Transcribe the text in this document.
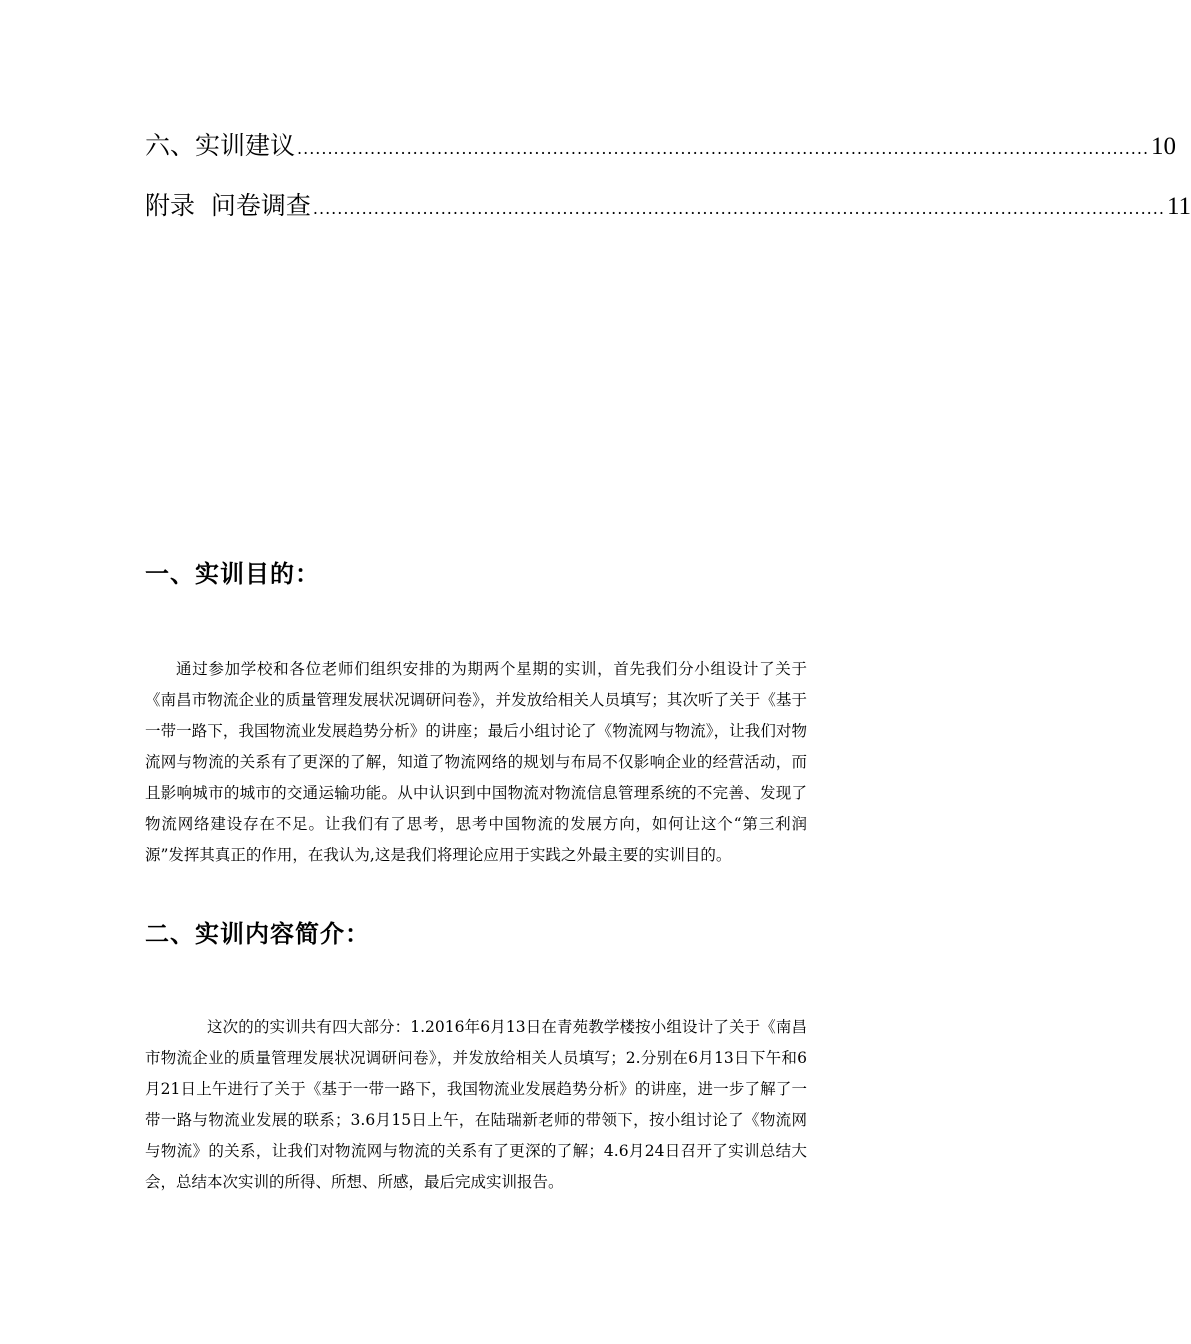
六、实训建议 ............................................................................................................................................ 10
附录  问卷调查 ............................................................................................................................................ 11
一、实训目的：
通过参加学校和各位老师们组织安排的为期两个星期的实训，首先我们分小组设计了关于《南昌市物流企业的质量管理发展状况调研问卷》，并发放给相关人员填写；其次听了关于《基于一带一路下，我国物流业发展趋势分析》的讲座；最后小组讨论了《物流网与物流》，让我们对物流网与物流的关系有了更深的了解，知道了物流网络的规划与布局不仅影响企业的经营活动，而且影响城市的城市的交通运输功能。从中认识到中国物流对物流信息管理系统的不完善、发现了物流网络建设存在不足。让我们有了思考，思考中国物流的发展方向，如何让这个“第三利润源”发挥其真正的作用，在我认为,这是我们将理论应用于实践之外最主要的实训目的。
二、实训内容简介：
这次的的实训共有四大部分：1.2016年6月13日在青苑教学楼按小组设计了关于《南昌市物流企业的质量管理发展状况调研问卷》，并发放给相关人员填写；2.分别在6月13日下午和6月21日上午进行了关于《基于一带一路下，我国物流业发展趋势分析》的讲座，进一步了解了一带一路与物流业发展的联系；3.6月15日上午，在陆瑞新老师的带领下，按小组讨论了《物流网与物流》的关系，让我们对物流网与物流的关系有了更深的了解；4.6月24日召开了实训总结大会，总结本次实训的所得、所想、所感，最后完成实训报告。
